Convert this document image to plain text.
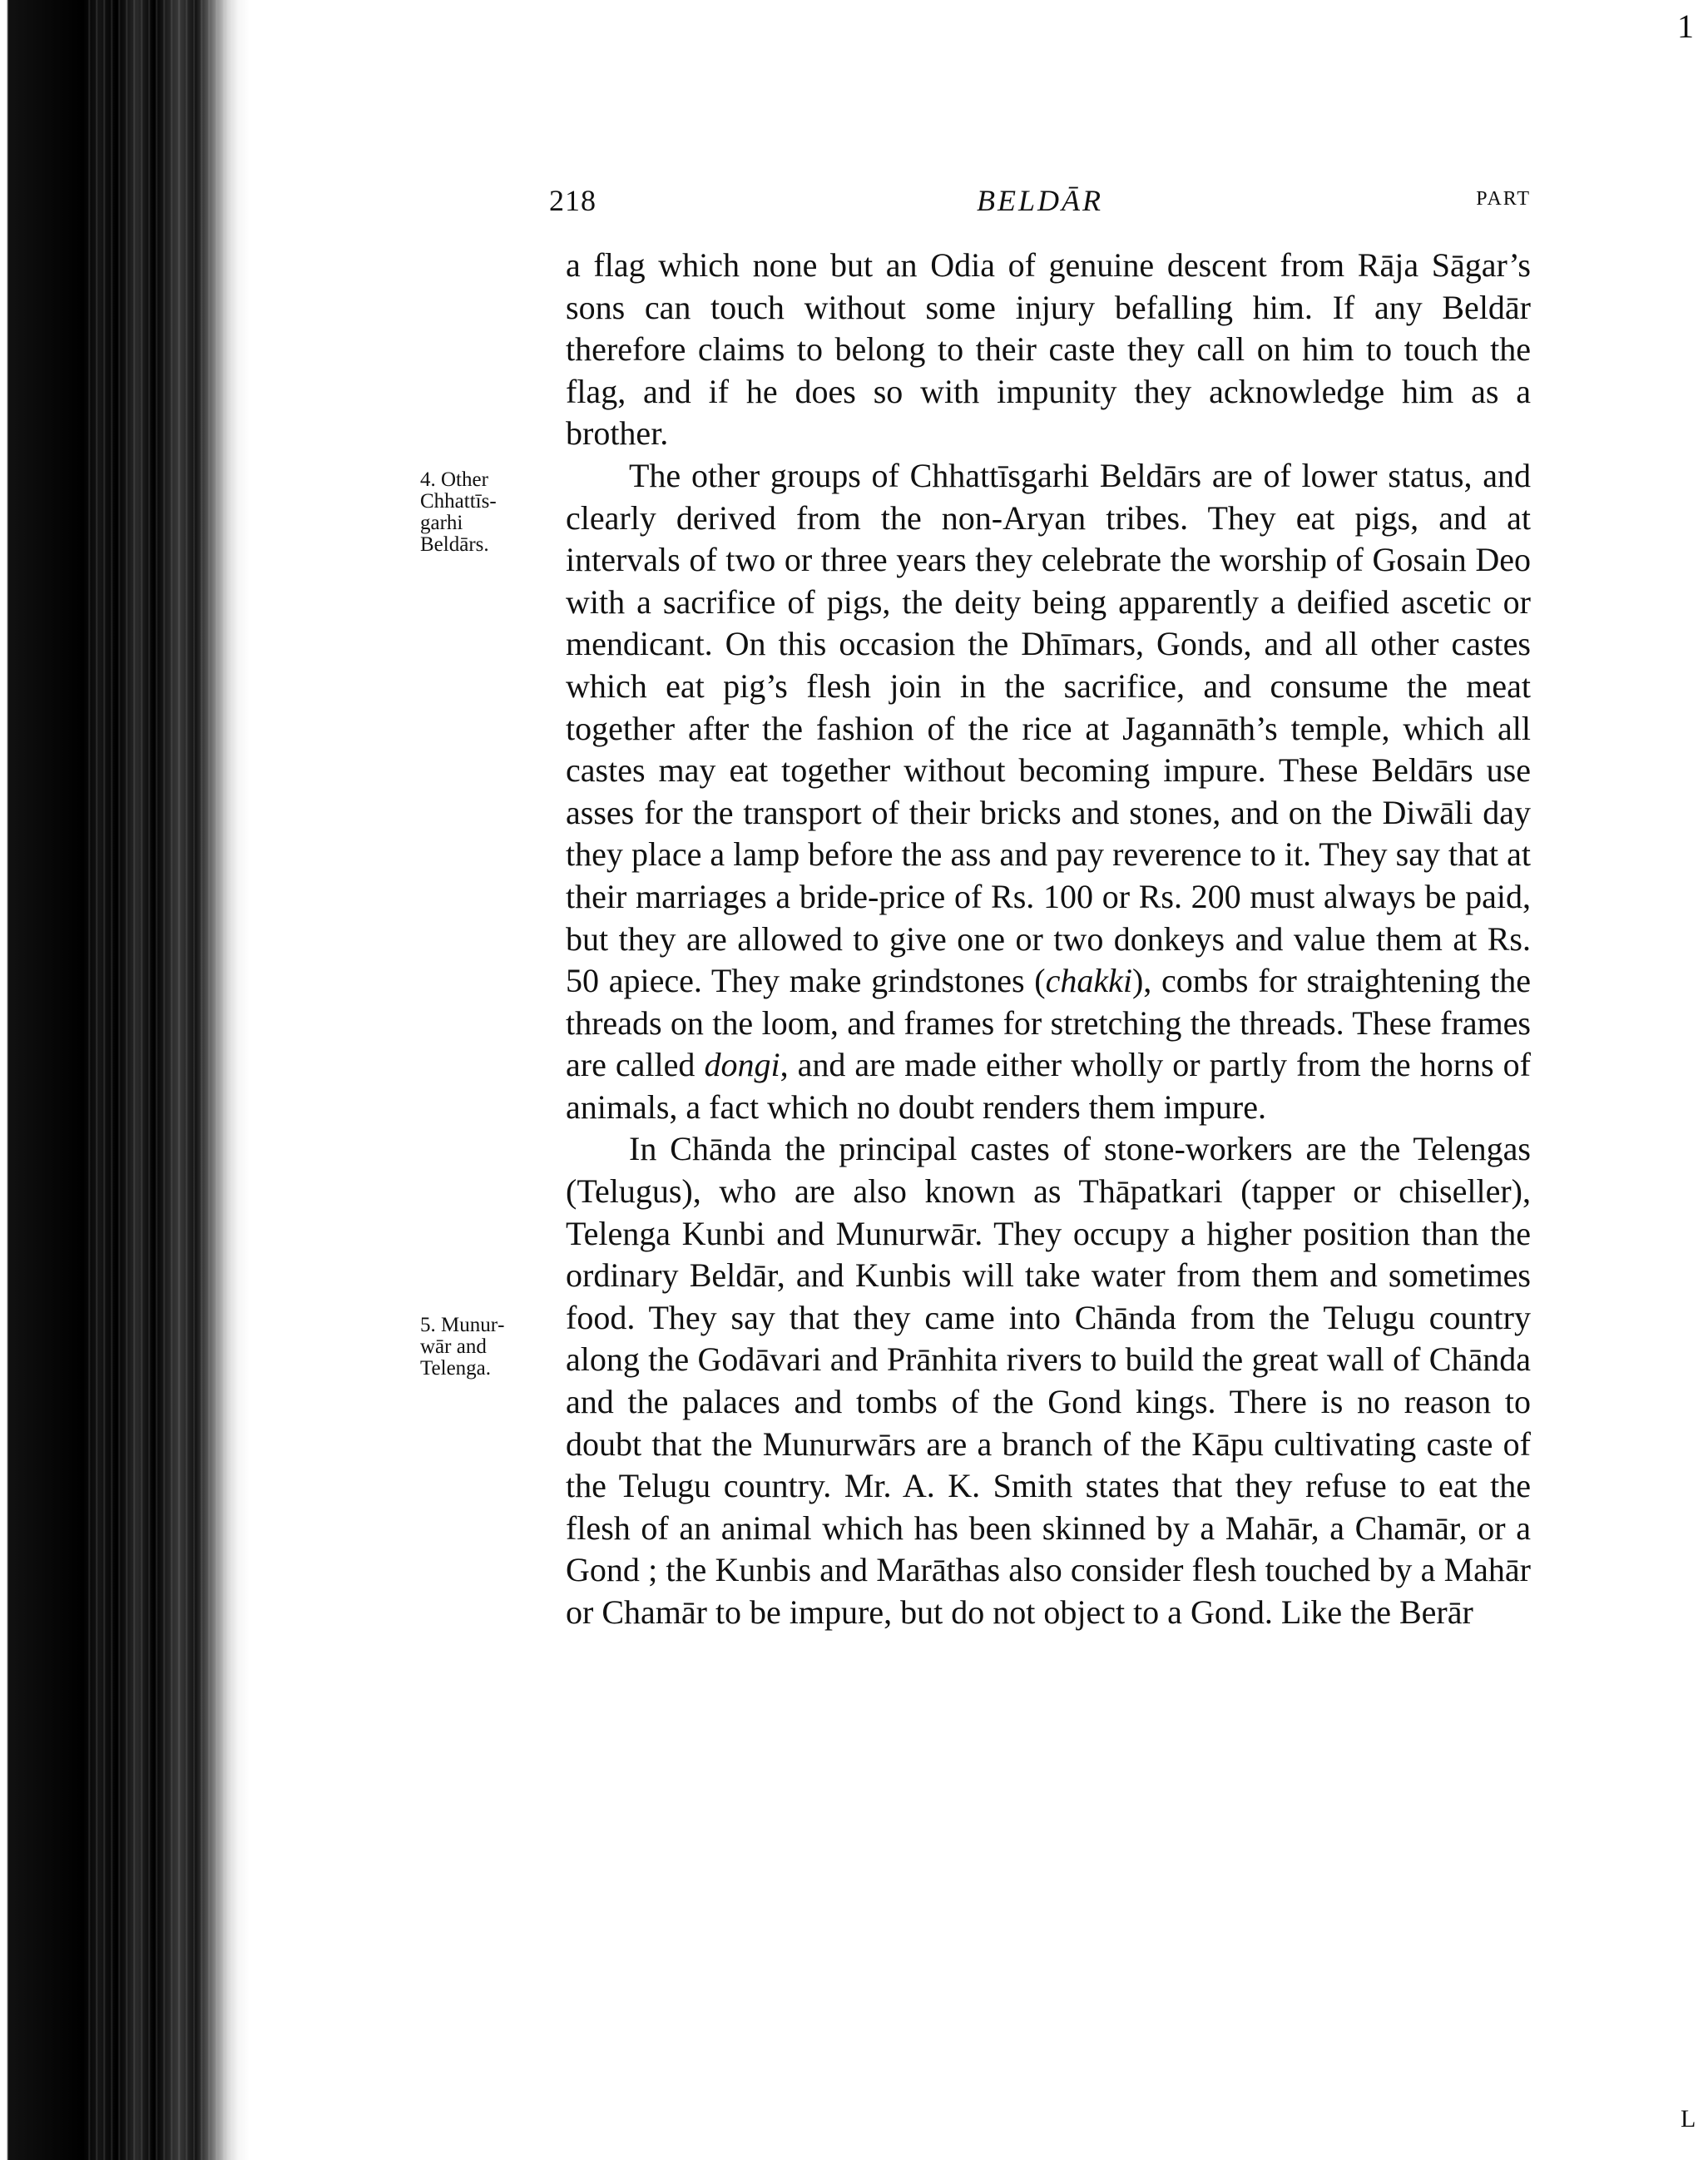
1
218	BELDĀR	PART
4. Other Chhattīsgarhi Beldārs.
5. Munurwār and Telenga.

a flag which none but an Odia of genuine descent from Rāja Sāgar’s sons can touch without some injury befalling him. If any Beldār therefore claims to belong to their caste they call on him to touch the flag, and if he does so with impunity they acknowledge him as a brother.

The other groups of Chhattīsgarhi Beldārs are of lower status, and clearly derived from the non-Aryan tribes. They eat pigs, and at intervals of two or three years they celebrate the worship of Gosain Deo with a sacrifice of pigs, the deity being apparently a deified ascetic or mendicant. On this occasion the Dhīmars, Gonds, and all other castes which eat pig’s flesh join in the sacrifice, and consume the meat together after the fashion of the rice at Jagannāth’s temple, which all castes may eat together without becoming impure. These Beldārs use asses for the transport of their bricks and stones, and on the Diwāli day they place a lamp before the ass and pay reverence to it. They say that at their marriages a bride-price of Rs. 100 or Rs. 200 must always be paid, but they are allowed to give one or two donkeys and value them at Rs. 50 apiece. They make grindstones (chakki), combs for straightening the threads on the loom, and frames for stretching the threads. These frames are called dongi, and are made either wholly or partly from the horns of animals, a fact which no doubt renders them impure.

In Chānda the principal castes of stone-workers are the Telengas (Telugus), who are also known as Thāpatkari (tapper or chiseller), Telenga Kunbi and Munurwār. They occupy a higher position than the ordinary Beldār, and Kunbis will take water from them and sometimes food. They say that they came into Chānda from the Telugu country along the Godāvari and Prānhita rivers to build the great wall of Chānda and the palaces and tombs of the Gond kings. There is no reason to doubt that the Munurwārs are a branch of the Kāpu cultivating caste of the Telugu country. Mr. A. K. Smith states that they refuse to eat the flesh of an animal which has been skinned by a Mahār, a Chamār, or a Gond ; the Kunbis and Marāthas also consider flesh touched by a Mahār or Chamār to be impure, but do not object to a Gond. Like the Berār

L
